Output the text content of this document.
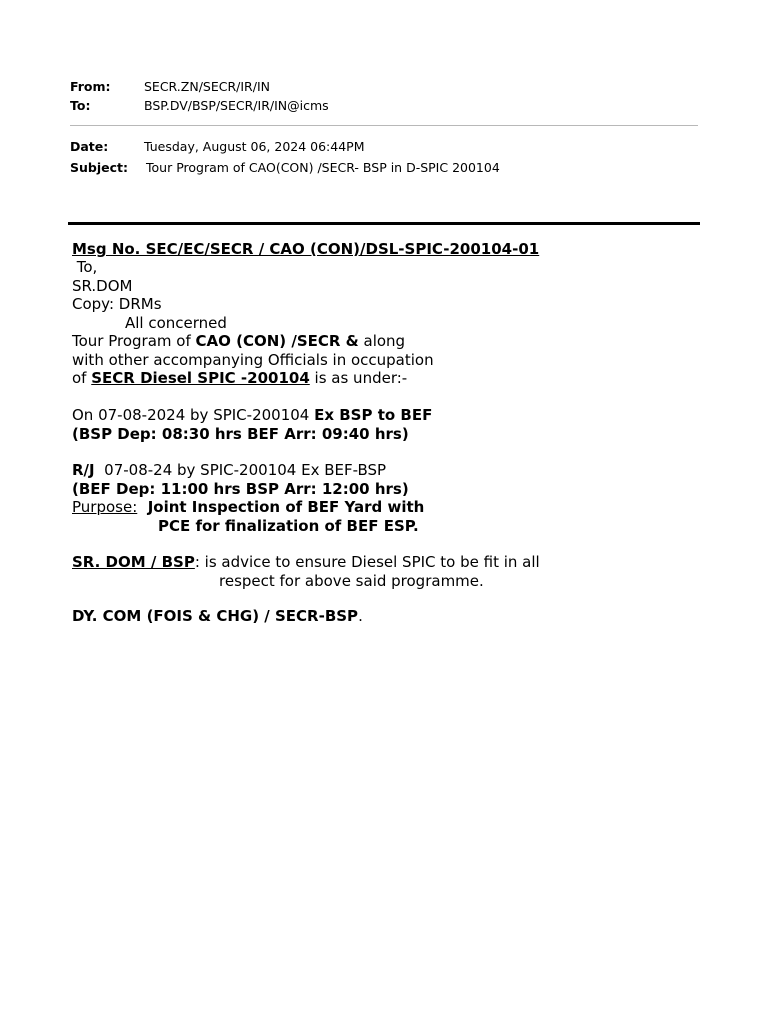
From:	SECR.ZN/SECR/IR/IN
To:	BSP.DV/BSP/SECR/IR/IN@icms
Date:	Tuesday, August 06, 2024 06:44PM
Subject: Tour Program of CAO(CON) /SECR- BSP in D-SPIC 200104
Msg No. SEC/EC/SECR / CAO (CON)/DSL-SPIC-200104-01
To,
SR.DOM
Copy: DRMs
All concerned
Tour Program of CAO (CON) /SECR & along
with other accompanying Officials in occupation
of SECR Diesel SPIC -200104 is as under:-
On 07-08-2024 by SPIC-200104 Ex BSP to BEF
(BSP Dep: 08:30 hrs BEF Arr: 09:40 hrs)
R/J  07-08-24 by SPIC-200104 Ex BEF-BSP
(BEF Dep: 11:00 hrs BSP Arr: 12:00 hrs)
Purpose:  Joint Inspection of BEF Yard with
PCE for finalization of BEF ESP.
SR. DOM / BSP: is advice to ensure Diesel SPIC to be fit in all
respect for above said programme.
DY. COM (FOIS & CHG) / SECR-BSP.
